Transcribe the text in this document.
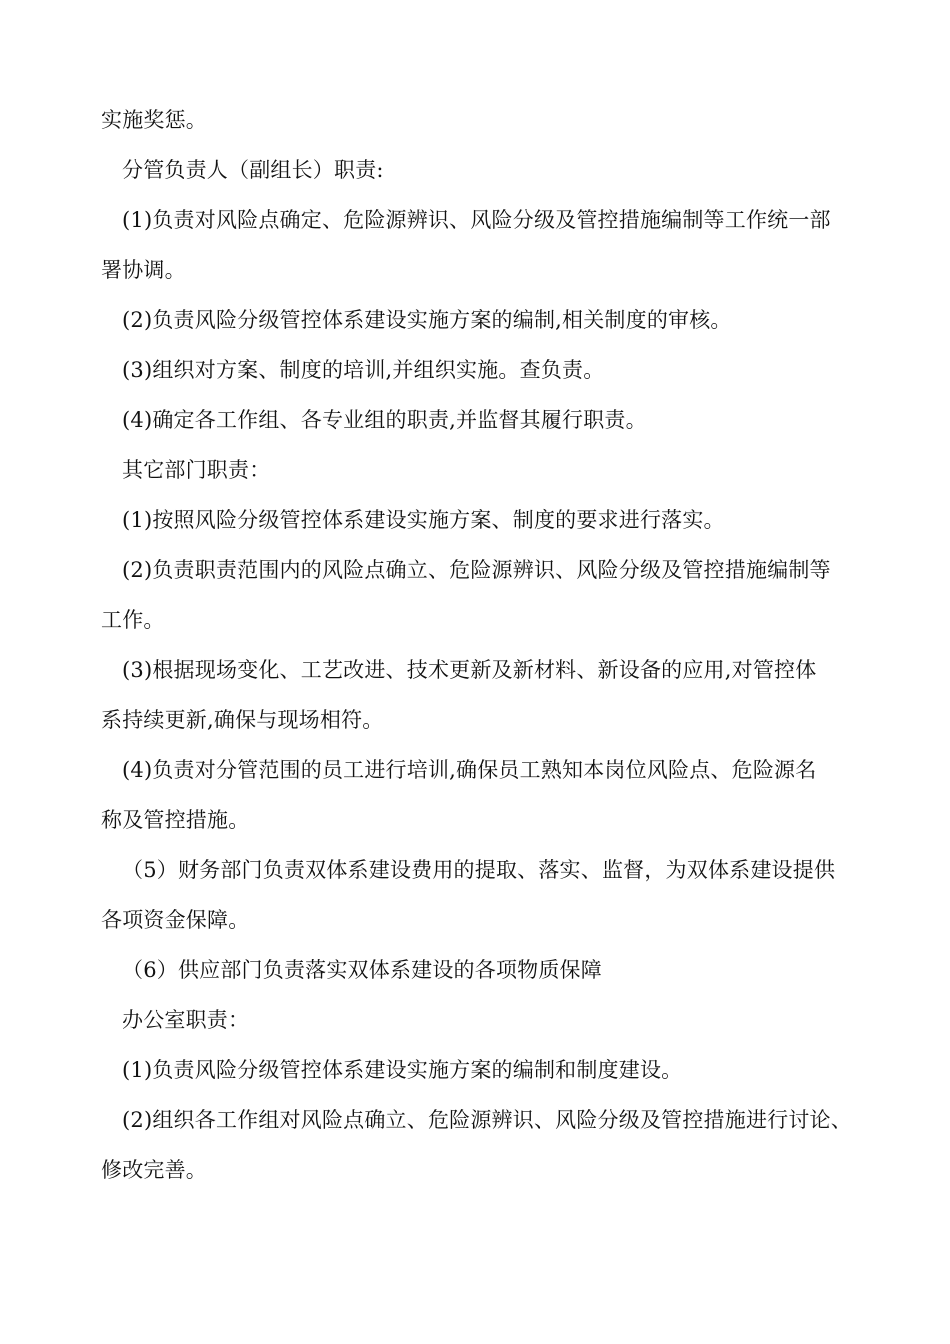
实施奖惩。
分管负责人（副组长）职责:
(1)负责对风险点确定、危险源辨识、风险分级及管控措施编制等工作统一部
署协调。
(2)负责风险分级管控体系建设实施方案的编制,相关制度的审核。
(3)组织对方案、制度的培训,并组织实施。查负责。
(4)确定各工作组、各专业组的职责,并监督其履行职责。
其它部门职责：
(1)按照风险分级管控体系建设实施方案、制度的要求进行落实。
(2)负责职责范围内的风险点确立、危险源辨识、风险分级及管控措施编制等
工作。
(3)根据现场变化、工艺改进、技术更新及新材料、新设备的应用,对管控体
系持续更新,确保与现场相符。
(4)负责对分管范围的员工进行培训,确保员工熟知本岗位风险点、危险源名
称及管控措施。
（5）财务部门负责双体系建设费用的提取、落实、监督，为双体系建设提供
各项资金保障。
（6）供应部门负责落实双体系建设的各项物质保障
办公室职责：
(1)负责风险分级管控体系建设实施方案的编制和制度建设。
(2)组织各工作组对风险点确立、危险源辨识、风险分级及管控措施进行讨论、
修改完善。
